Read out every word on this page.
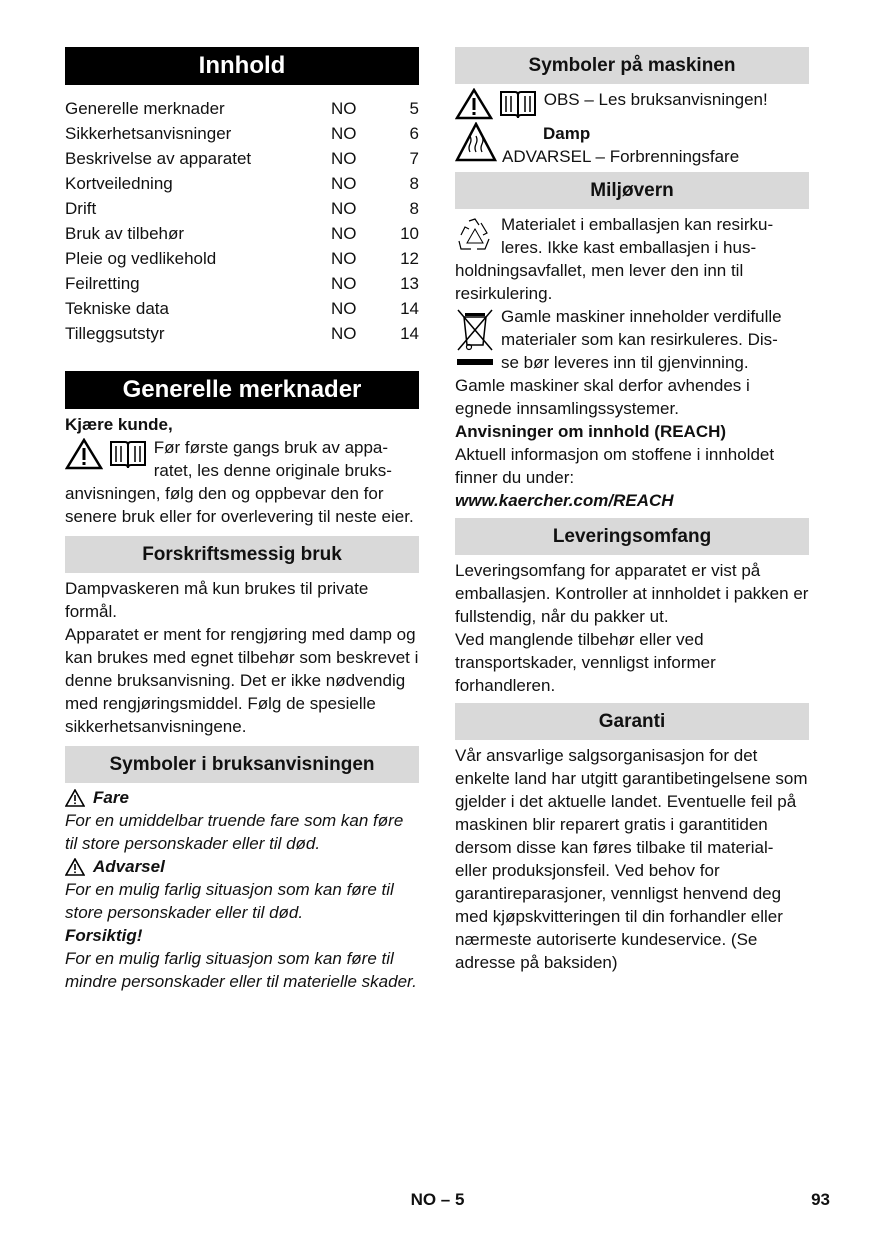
Innhold
Generelle merknader	NO	5
Sikkerhetsanvisninger	NO	6
Beskrivelse av apparatet	NO	7
Kortveiledning	NO	8
Drift	NO	8
Bruk av tilbehør	NO	10
Pleie og vedlikehold	NO	12
Feilretting	NO	13
Tekniske data	NO	14
Tilleggsutstyr	NO	14
Generelle merknader

Kjære kunde,

Før første gangs bruk av appa-

ratet, les denne originale bruks-

anvisningen, følg den og oppbevar den for senere bruk eller for overlevering til neste eier.

Forskriftsmessig bruk

Dampvaskeren må kun brukes til private formål.

Apparatet er ment for rengjøring med damp og kan brukes med egnet tilbehør som beskrevet i denne bruksanvisning. Det er ikke nødvendig med rengjøringsmiddel. Følg de spesielle sikkerhetsanvisningene.

Symboler i bruksanvisningen
Fare

For en umiddelbar truende fare som kan føre til store personskader eller til død.

Advarsel

For en mulig farlig situasjon som kan føre til store personskader eller til død.

Forsiktig!

For en mulig farlig situasjon som kan føre til mindre personskader eller til materielle skader.

Symboler på maskinen

OBS – Les bruksanvisningen!

Damp

ADVARSEL – Forbrenningsfare

Miljøvern

Materialet i emballasjen kan resirku-

leres. Ikke kast emballasjen i hus-

holdningsavfallet, men lever den inn til resirkulering.

Gamle maskiner inneholder verdifulle

materialer som kan resirkuleres. Dis-

se bør leveres inn til gjenvinning.

Gamle maskiner skal derfor avhendes i egnede innsamlingssystemer.

Anvisninger om innhold (REACH)

Aktuell informasjon om stoffene i innholdet finner du under:

www.kaercher.com/REACH

Leveringsomfang

Leveringsomfang for apparatet er vist på emballasjen. Kontroller at innholdet i pakken er fullstendig, når du pakker ut.

Ved manglende tilbehør eller ved transportskader, vennligst informer forhandleren.

Garanti

Vår ansvarlige salgsorganisasjon for det enkelte land har utgitt garantibetingelsene som gjelder i det aktuelle landet. Eventuelle feil på maskinen blir reparert gratis i garantitiden dersom disse kan føres tilbake til material- eller produksjonsfeil. Ved behov for garantireparasjoner, vennligst henvend deg med kjøpskvitteringen til din forhandler eller nærmeste autoriserte kundeservice. (Se adresse på baksiden)

NO – 5	93
